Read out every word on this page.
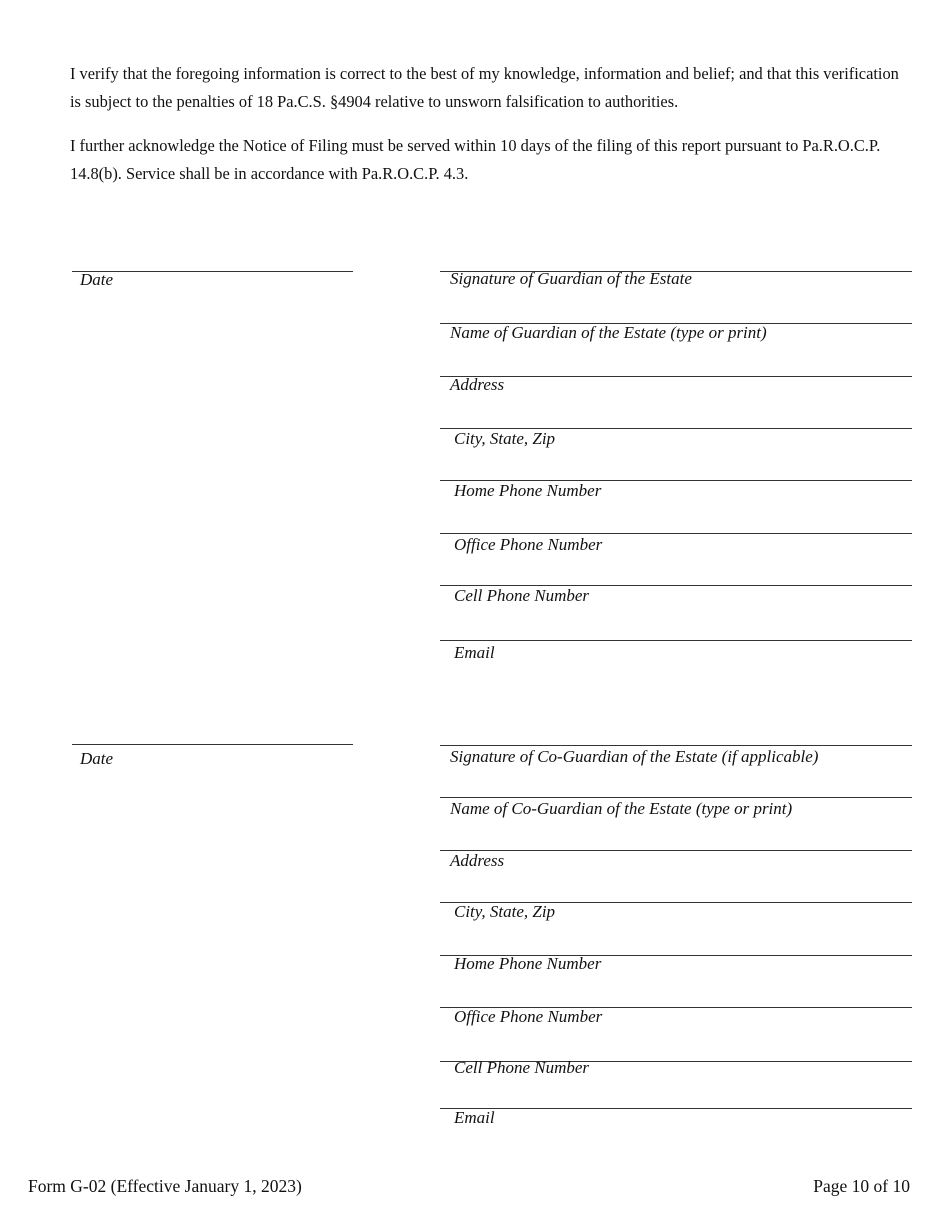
I verify that the foregoing information is correct to the best of my knowledge, information and belief; and that this verification is subject to the penalties of 18 Pa.C.S. §4904 relative to unsworn falsification to authorities.

I further acknowledge the Notice of Filing must be served within 10 days of the filing of this report pursuant to Pa.R.O.C.P. 14.8(b). Service shall be in accordance with Pa.R.O.C.P. 4.3.

Date	Signature of Guardian of the Estate
Name of Guardian of the Estate (type or print)
Address
City, State, Zip
Home Phone Number
Office Phone Number
Cell Phone Number
Email
Date	Signature of Co-Guardian of the Estate (if applicable)
Name of Co-Guardian of the Estate (type or print)
Address
City, State, Zip
Home Phone Number
Office Phone Number
Cell Phone Number
Email
Form G-02 (Effective January 1, 2023)	Page 10 of 10
